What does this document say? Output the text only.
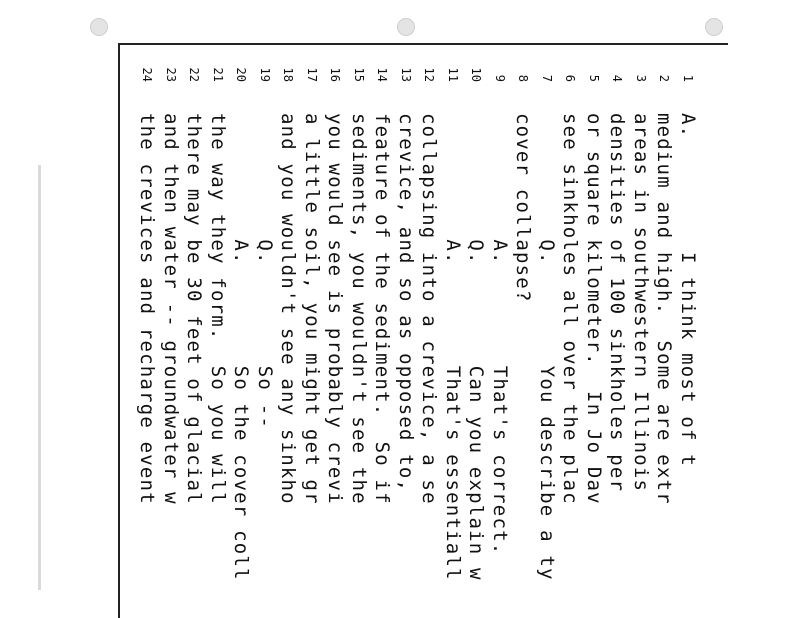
1
A.         I think most of t
2
medium and high.  Some are extr
3
areas in southwestern Illinois
4
densities of 100 sinkholes per
5
or square kilometer.  In Jo Dav
6
see sinkholes all over the plac
7
Q.        You describe a ty
8
cover collapse?
9
A.        That's correct.
10
Q.        Can you explain w
11
A.        That's essentiall
12
collapsing into a crevice, a se
13
crevice, and so as opposed to,
14
feature of the sediment.  So if
15
sediments, you wouldn't see the
16
you would see is probably crevi
17
a little soil, you might get gr
18
and you wouldn't see any sinkho
19
Q.        So --
20
A.        So the cover coll
21
the way they form.  So you will
22
there may be 30 feet of glacial
23
and then water -- groundwater w
24
the crevices and recharge event
